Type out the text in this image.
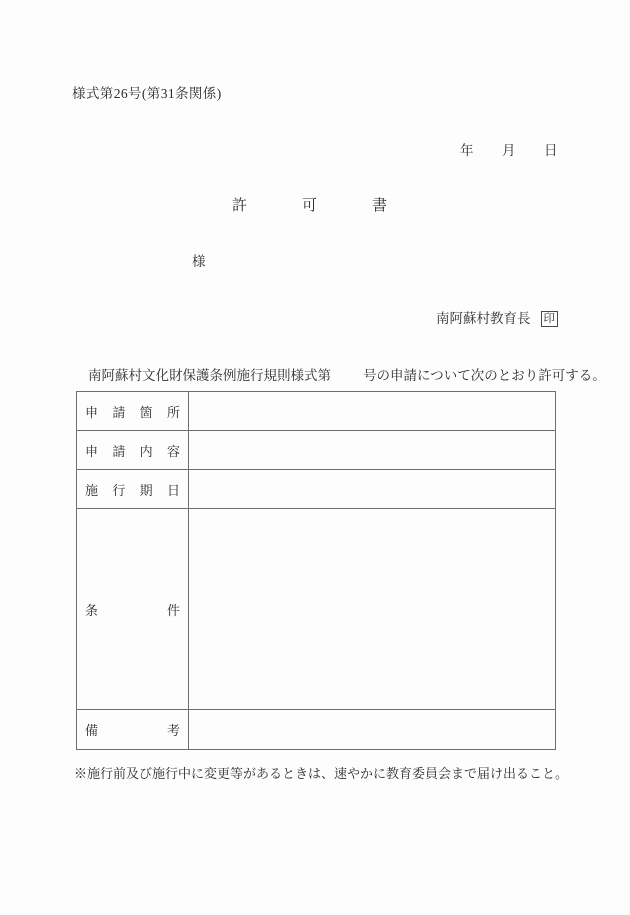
様式第26号(第31条関係)
年 月 日
許	可	書
様
南阿蘇村教育長 印
南阿蘇村文化財保護条例施行規則様式第 号の申請について次のとおり許可する。
申 請 箇 所	

申 請 内 容	

施 行 期 日	

条 件	

備 考	

※施行前及び施行中に変更等があるときは、速やかに教育委員会まで届け出ること。
